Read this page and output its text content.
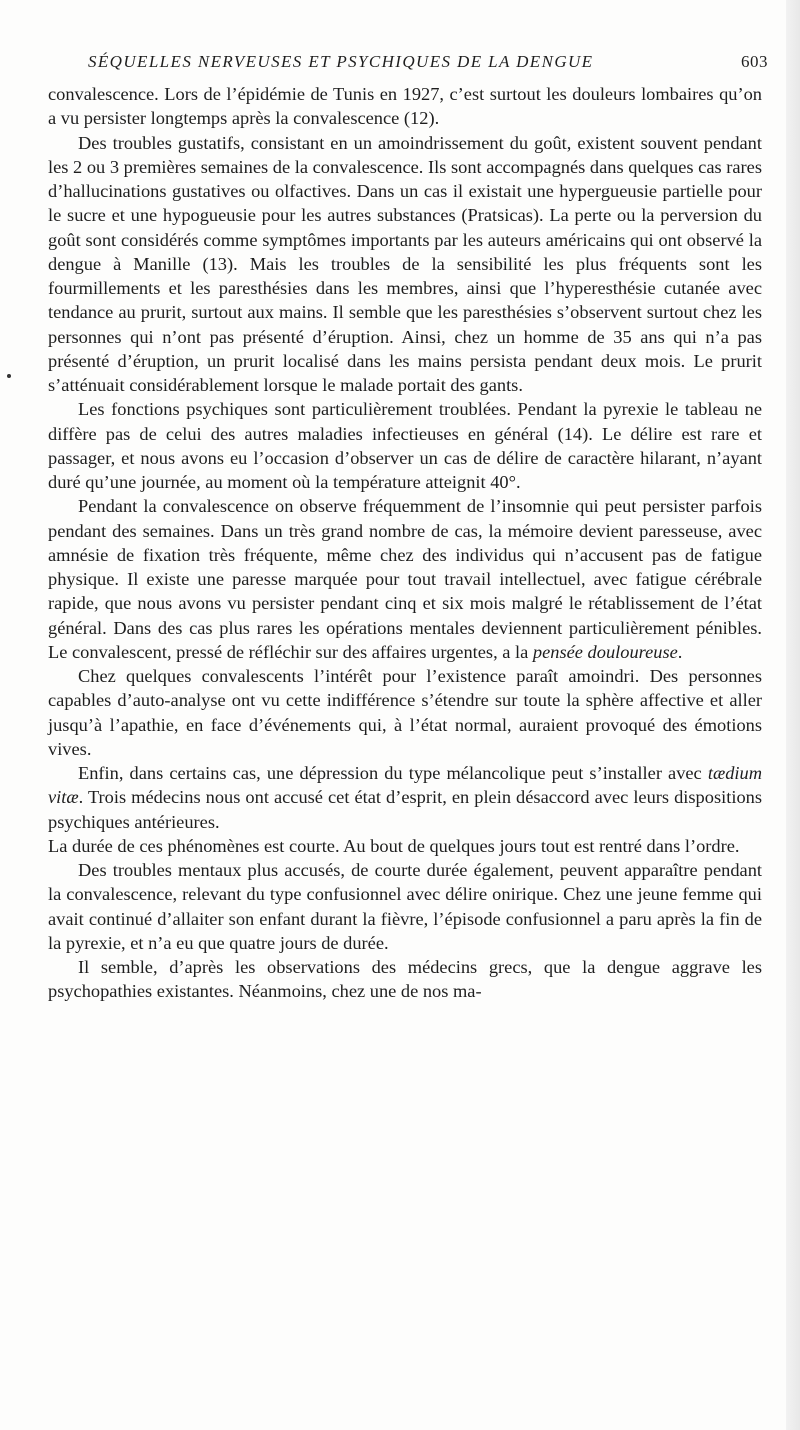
SÉQUELLES NERVEUSES ET PSYCHIQUES DE LA DENGUE	603

convalescence. Lors de l’épidémie de Tunis en 1927, c’est surtout les douleurs lombaires qu’on a vu persister longtemps après la convalescence (12).

Des troubles gustatifs, consistant en un amoindrissement du goût, existent souvent pendant les 2 ou 3 premières semaines de la convalescence. Ils sont accompagnés dans quelques cas rares d’hallucinations gustatives ou olfactives. Dans un cas il existait une hypergueusie partielle pour le sucre et une hypogueusie pour les autres substances (Pratsicas). La perte ou la perversion du goût sont considérés comme symptômes importants par les auteurs américains qui ont observé la dengue à Manille (13). Mais les troubles de la sensibilité les plus fréquents sont les fourmillements et les paresthésies dans les membres, ainsi que l’hyperesthésie cutanée avec tendance au prurit, surtout aux mains. Il semble que les paresthésies s’observent surtout chez les personnes qui n’ont pas présenté d’éruption. Ainsi, chez un homme de 35 ans qui n’a pas présenté d’éruption, un prurit localisé dans les mains persista pendant deux mois. Le prurit s’atténuait considérablement lorsque le malade portait des gants.

Les fonctions psychiques sont particulièrement troublées. Pendant la pyrexie le tableau ne diffère pas de celui des autres maladies infectieuses en général (14). Le délire est rare et passager, et nous avons eu l’occasion d’observer un cas de délire de caractère hilarant, n’ayant duré qu’une journée, au moment où la température atteignit 40°.

Pendant la convalescence on observe fréquemment de l’insomnie qui peut persister parfois pendant des semaines. Dans un très grand nombre de cas, la mémoire devient paresseuse, avec amnésie de fixation très fréquente, même chez des individus qui n’accusent pas de fatigue physique. Il existe une paresse marquée pour tout travail intellectuel, avec fatigue cérébrale rapide, que nous avons vu persister pendant cinq et six mois malgré le rétablissement de l’état général. Dans des cas plus rares les opérations mentales deviennent particulièrement pénibles. Le convalescent, pressé de réfléchir sur des affaires urgentes, a la pensée douloureuse.

Chez quelques convalescents l’intérêt pour l’existence paraît amoindri. Des personnes capables d’auto-analyse ont vu cette indifférence s’étendre sur toute la sphère affective et aller jusqu’à l’apathie, en face d’événements qui, à l’état normal, auraient provoqué des émotions vives.

Enfin, dans certains cas, une dépression du type mélancolique peut s’installer avec tædium vitæ. Trois médecins nous ont accusé cet état d’esprit, en plein désaccord avec leurs dispositions psychiques antérieures.

La durée de ces phénomènes est courte. Au bout de quelques jours tout est rentré dans l’ordre.

Des troubles mentaux plus accusés, de courte durée également, peuvent apparaître pendant la convalescence, relevant du type confusionnel avec délire onirique. Chez une jeune femme qui avait continué d’allaiter son enfant durant la fièvre, l’épisode confusionnel a paru après la fin de la pyrexie, et n’a eu que quatre jours de durée.

Il semble, d’après les observations des médecins grecs, que la dengue aggrave les psychopathies existantes. Néanmoins, chez une de nos ma-
